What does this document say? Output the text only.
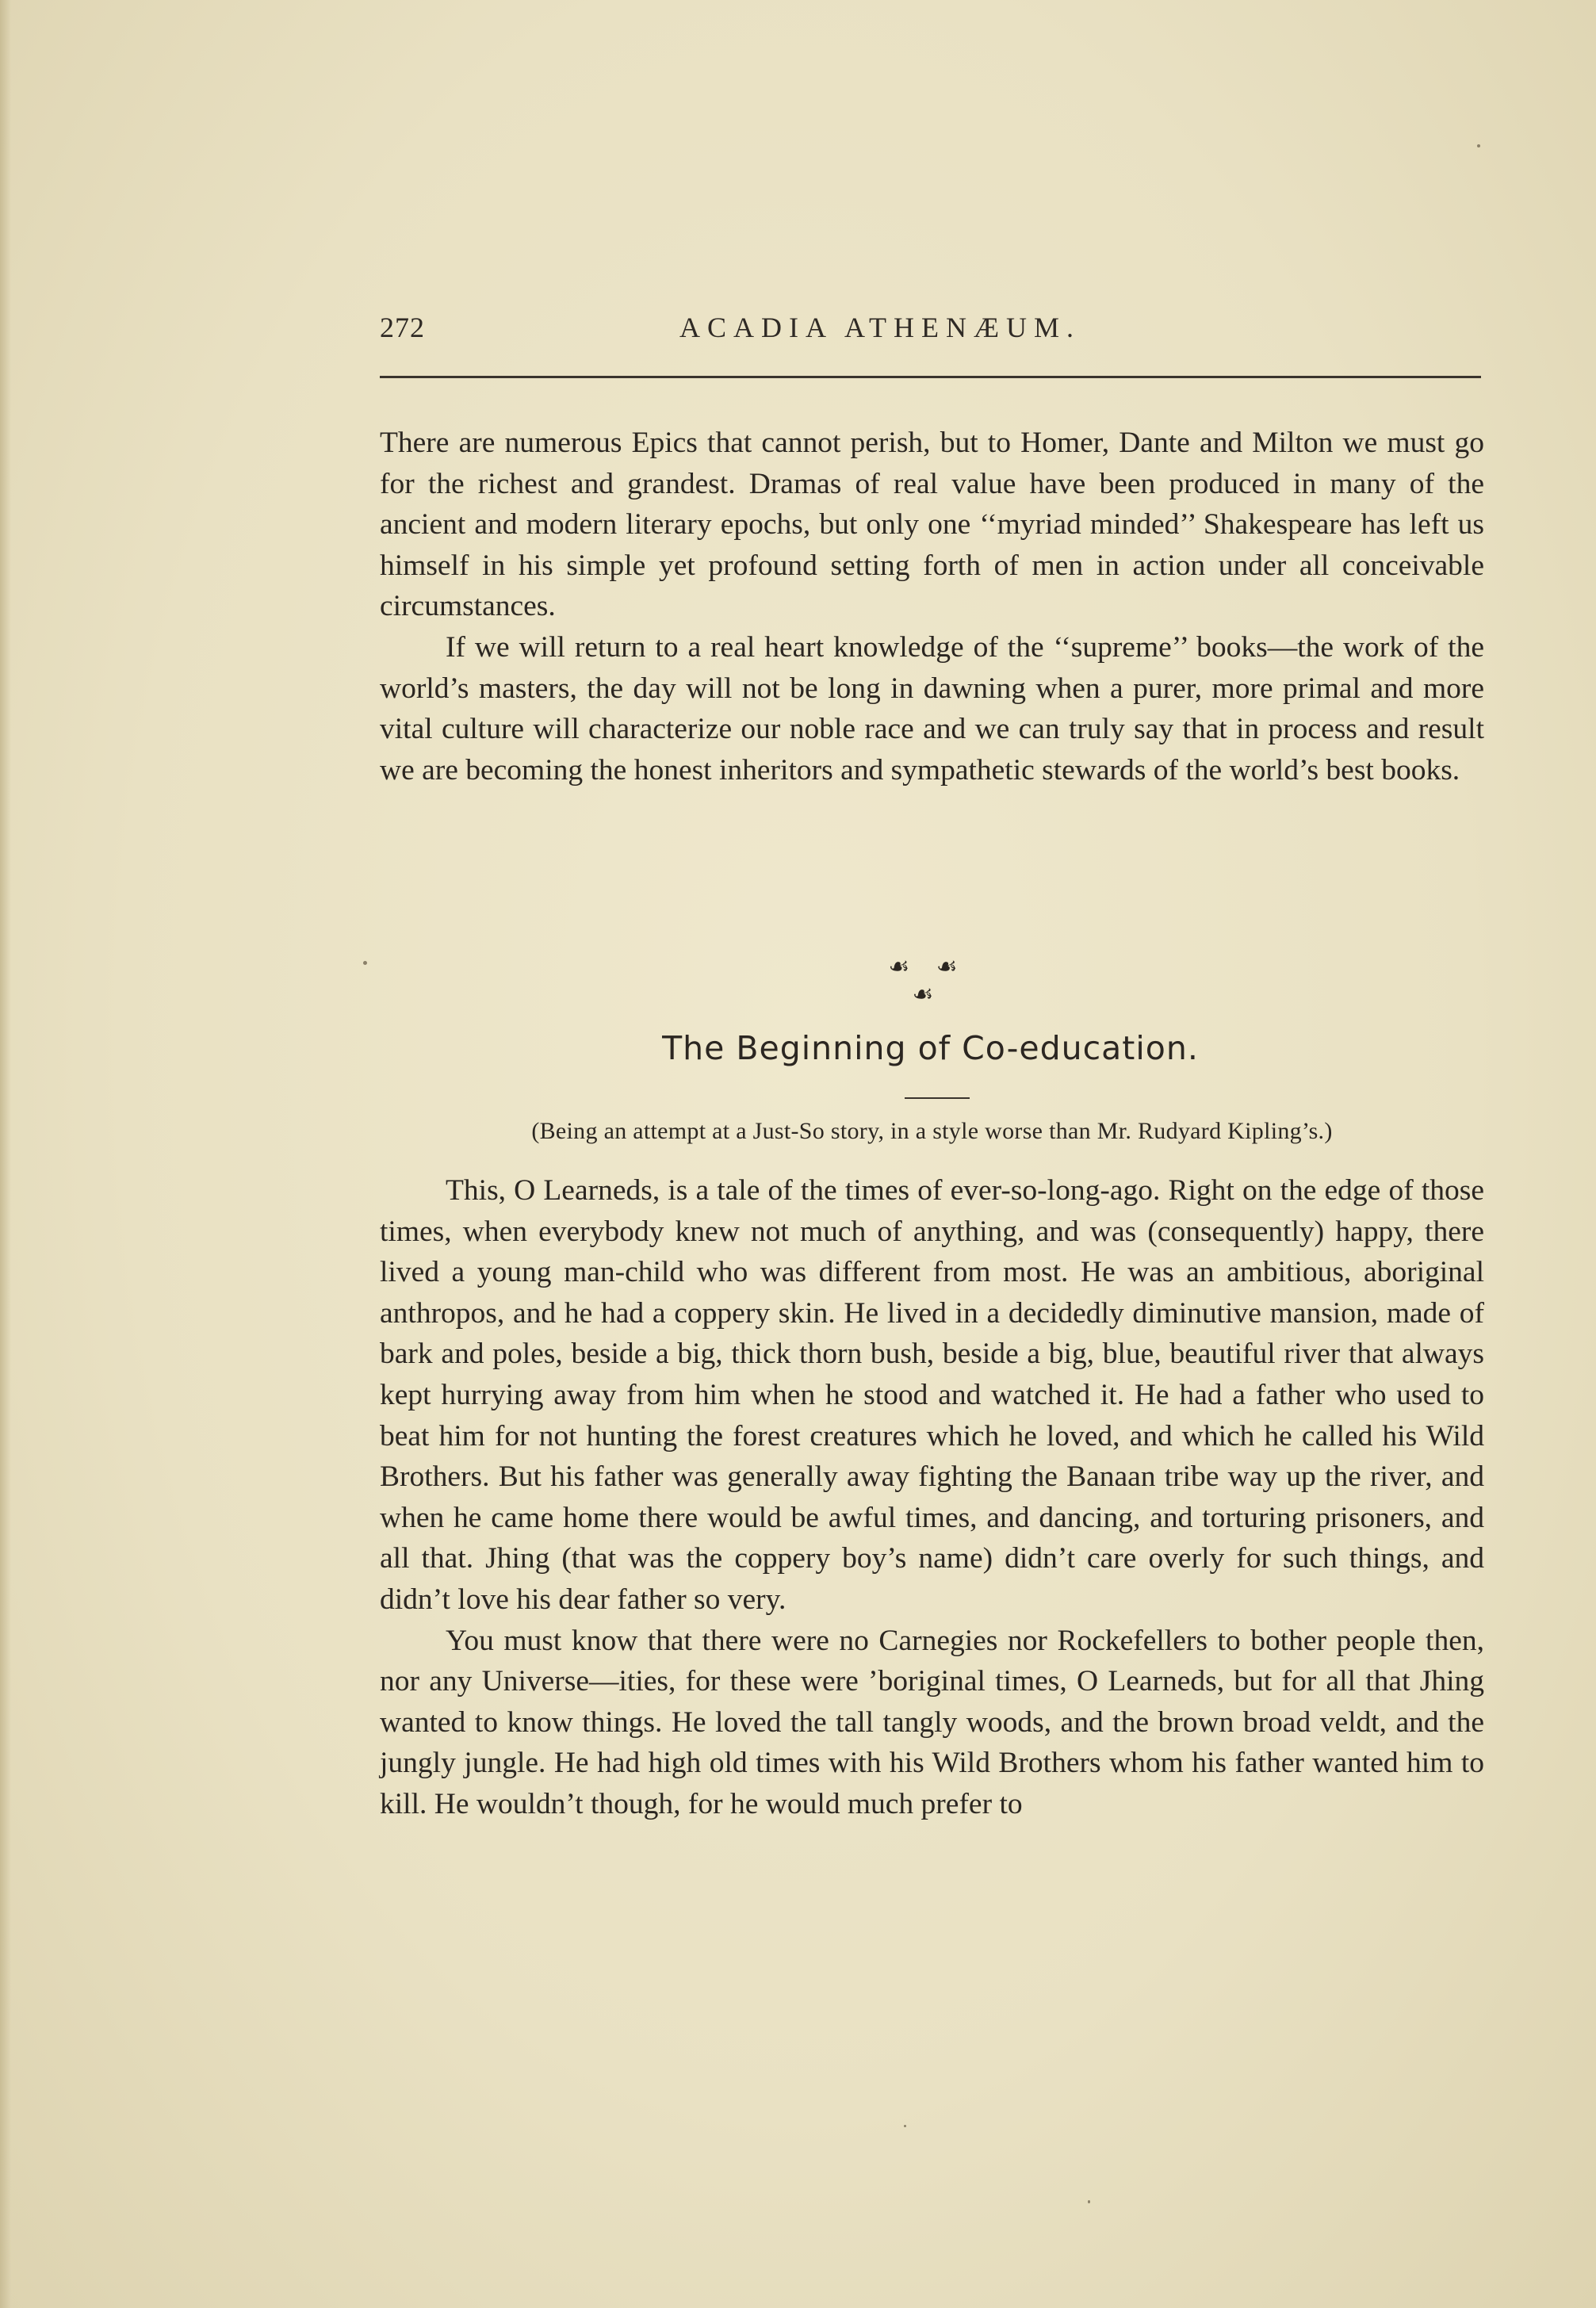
272	ACADIA ATHENÆUM.

There are numerous Epics that cannot perish, but to Homer, Dante and Milton we must go for the richest and grandest. Dramas of real value have been produced in many of the ancient and modern literary epochs, but only one ‘‘myriad minded’’ Shakespeare has left us himself in his simple yet profound setting forth of men in action under all conceivable circumstances.

If we will return to a real heart knowledge of the ‘‘supreme’’ books—the work of the world’s masters, the day will not be long in dawning when a purer, more primal and more vital culture will characterize our noble race and we can truly say that in process and result we are becoming the honest inheritors and sympathetic stewards of the world’s best books.

☙ ☙ ☙
The Beginning of Co-education.
(Being an attempt at a Just-So story, in a style worse than Mr. Rudyard Kipling’s.)

This, O Learneds, is a tale of the times of ever-so-long-ago. Right on the edge of those times, when everybody knew not much of anything, and was (consequently) happy, there lived a young man-child who was different from most. He was an ambitious, aboriginal anthropos, and he had a coppery skin. He lived in a decidedly diminutive mansion, made of bark and poles, beside a big, thick thorn bush, beside a big, blue, beautiful river that always kept hurrying away from him when he stood and watched it. He had a father who used to beat him for not hunting the forest creatures which he loved, and which he called his Wild Brothers. But his father was generally away fighting the Banaan tribe way up the river, and when he came home there would be awful times, and dancing, and torturing prisoners, and all that. Jhing (that was the coppery boy’s name) didn’t care overly for such things, and didn’t love his dear father so very.

You must know that there were no Carnegies nor Rockefellers to bother people then, nor any Universe—ities, for these were ’boriginal times, O Learneds, but for all that Jhing wanted to know things. He loved the tall tangly woods, and the brown broad veldt, and the jungly jungle. He had high old times with his Wild Brothers whom his father wanted him to kill. He wouldn’t though, for he would much prefer to
